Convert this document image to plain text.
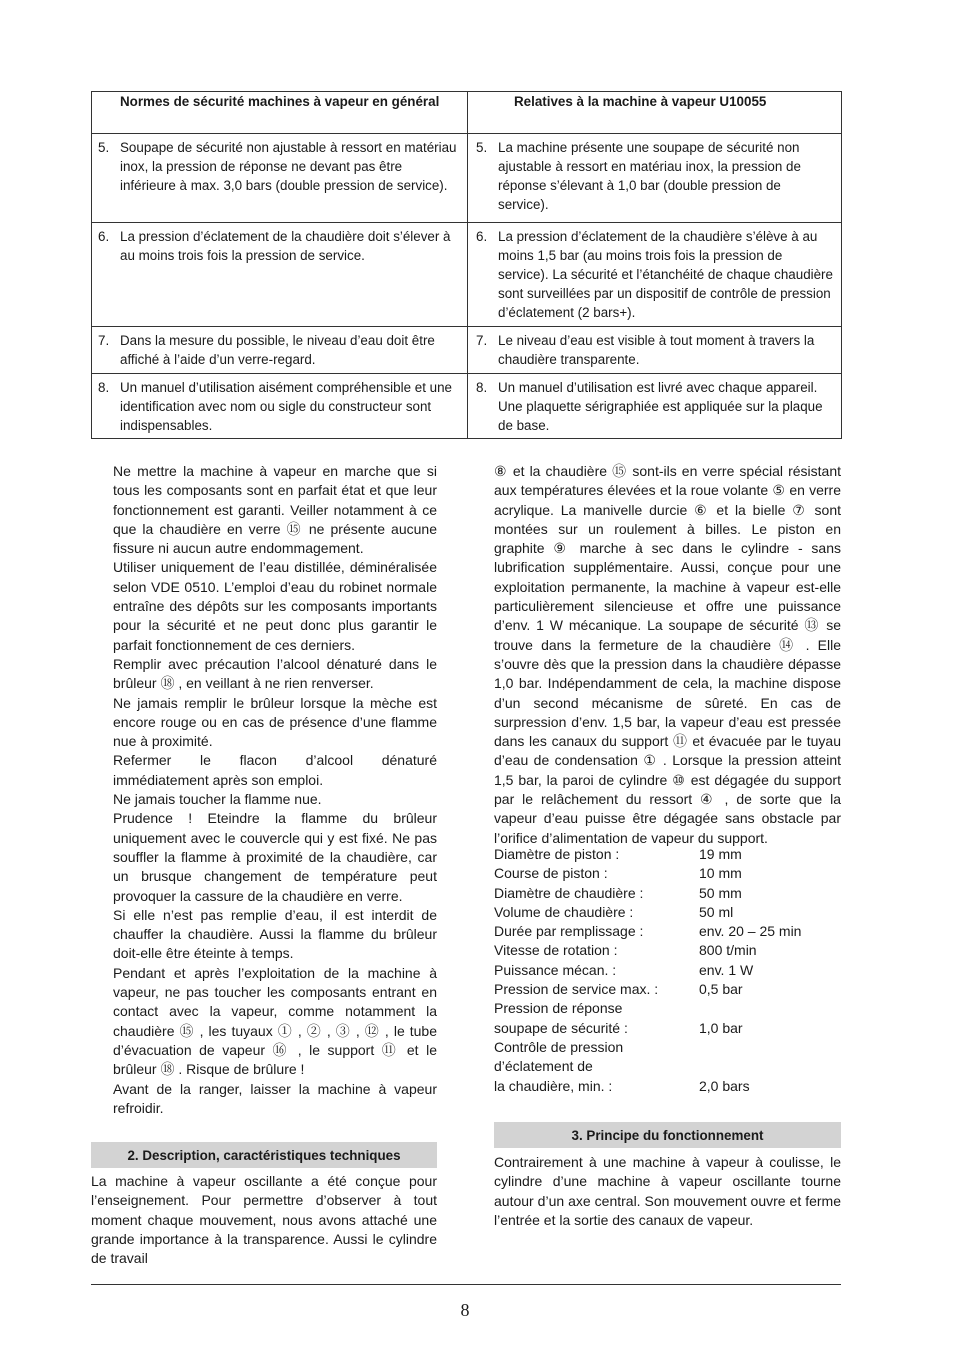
Normes de sécurité machines à vapeur en général	Relatives à la machine à vapeur U10055

5. Soupape de sécurité non ajustable à ressort en matériau inox, la pression de réponse ne devant pas être inférieure à max. 3,0 bars (double pression de service).	5. La machine présente une soupape de sécurité non ajustable à ressort en matériau inox, la pression de réponse s’élevant à 1,0 bar (double pression de service).

6. La pression d’éclatement de la chaudière doit s’élever à au moins trois fois la pression de service.	6. La pression d’éclatement de la chaudière s’élève à au moins 1,5 bar (au moins trois fois la pression de service). La sécurité et l’étanchéité de chaque chaudière sont surveillées par un dispositif de contrôle de pression d’éclatement (2 bars+).

7. Dans la mesure du possible, le niveau d’eau doit être affiché à l’aide d’un verre-regard.	7. Le niveau d’eau est visible à tout moment à travers la chaudière transparente.

8. Un manuel d’utilisation aisément compréhensible et une identification avec nom ou sigle du constructeur sont indispensables.	8. Un manuel d’utilisation est livré avec chaque appareil. Une plaquette sérigraphiée est appliquée sur la plaque de base.

Ne mettre la machine à vapeur en marche que si tous les composants sont en parfait état et que leur fonctionnement est garanti. Veiller notamment à ce que la chaudière en verre ⑮ ne présente aucune fissure ni aucun autre endommagement.

Utiliser uniquement de l’eau distillée, déminéralisée selon VDE 0510. L’emploi d’eau du robinet normale entraîne des dépôts sur les composants importants pour la sécurité et ne peut donc plus garantir le parfait fonctionnement de ces derniers.

Remplir avec précaution l’alcool dénaturé dans le brûleur ⑱ , en veillant à ne rien renverser.

Ne jamais remplir le brûleur lorsque la mèche est encore rouge ou en cas de présence d’une flamme nue à proximité.

Refermer le flacon d’alcool dénaturé immédiatement après son emploi.

Ne jamais toucher la flamme nue.

Prudence ! Eteindre la flamme du brûleur uniquement avec le couvercle qui y est fixé. Ne pas souffler la flamme à proximité de la chaudière, car un brusque changement de température peut provoquer la cassure de la chaudière en verre.

Si elle n’est pas remplie d’eau, il est interdit de chauffer la chaudière. Aussi la flamme du brûleur doit-elle être éteinte à temps.

Pendant et après l’exploitation de la machine à vapeur, ne pas toucher les composants entrant en contact avec la vapeur, comme notamment la chaudière ⑮ , les tuyaux ① , ② , ③ , ⑫ , le tube d’évacuation de vapeur ⑯ , le support ⑪ et le brûleur ⑱ . Risque de brûlure !

Avant de la ranger, laisser la machine à vapeur refroidir.

2. Description, caractéristiques techniques

La machine à vapeur oscillante a été conçue pour l’enseignement. Pour permettre d’observer à tout moment chaque mouvement, nous avons attaché une grande importance à la transparence. Aussi le cylindre de travail

⑧ et la chaudière ⑮ sont-ils en verre spécial résistant aux températures élevées et la roue volante ⑤ en verre acrylique. La manivelle durcie ⑥ et la bielle ⑦ sont montées sur un roulement à billes. Le piston en graphite ⑨ marche à sec dans le cylindre - sans lubrification supplémentaire. Aussi, conçue pour une exploitation permanente, la machine à vapeur est-elle particulièrement silencieuse et offre une puissance d’env. 1 W mécanique. La soupape de sécurité ⑬ se trouve dans la fermeture de la chaudière ⑭ . Elle s’ouvre dès que la pression dans la chaudière dépasse 1,0 bar. Indépendamment de cela, la machine dispose d’un second mécanisme de sûreté. En cas de surpression d’env. 1,5 bar, la vapeur d’eau est pressée dans les canaux du support ⑪ et évacuée par le tuyau d’eau de condensation ① . Lorsque la pression atteint 1,5 bar, la paroi de cylindre ⑩ est dégagée du support par le relâchement du ressort ④ , de sorte que la vapeur d’eau puisse être dégagée sans obstacle par l’orifice d’alimentation de vapeur du support.

Diamètre de piston :	19 mm
Course de piston :	10 mm
Diamètre de chaudière :	50 mm
Volume de chaudière :	50 ml
Durée par remplissage :	env. 20 – 25 min
Vitesse de rotation :	800 t/min
Puissance mécan. :	env. 1 W
Pression de service max. :	0,5 bar
Pression de réponse
soupape de sécurité :	1,0 bar
Contrôle de pression
d’éclatement de
la chaudière, min. :	2,0 bars
3. Principe du fonctionnement

Contrairement à une machine à vapeur à coulisse, le cylindre d’une machine à vapeur oscillante tourne autour d’un axe central. Son mouvement ouvre et ferme l’entrée et la sortie des canaux de vapeur.

8
